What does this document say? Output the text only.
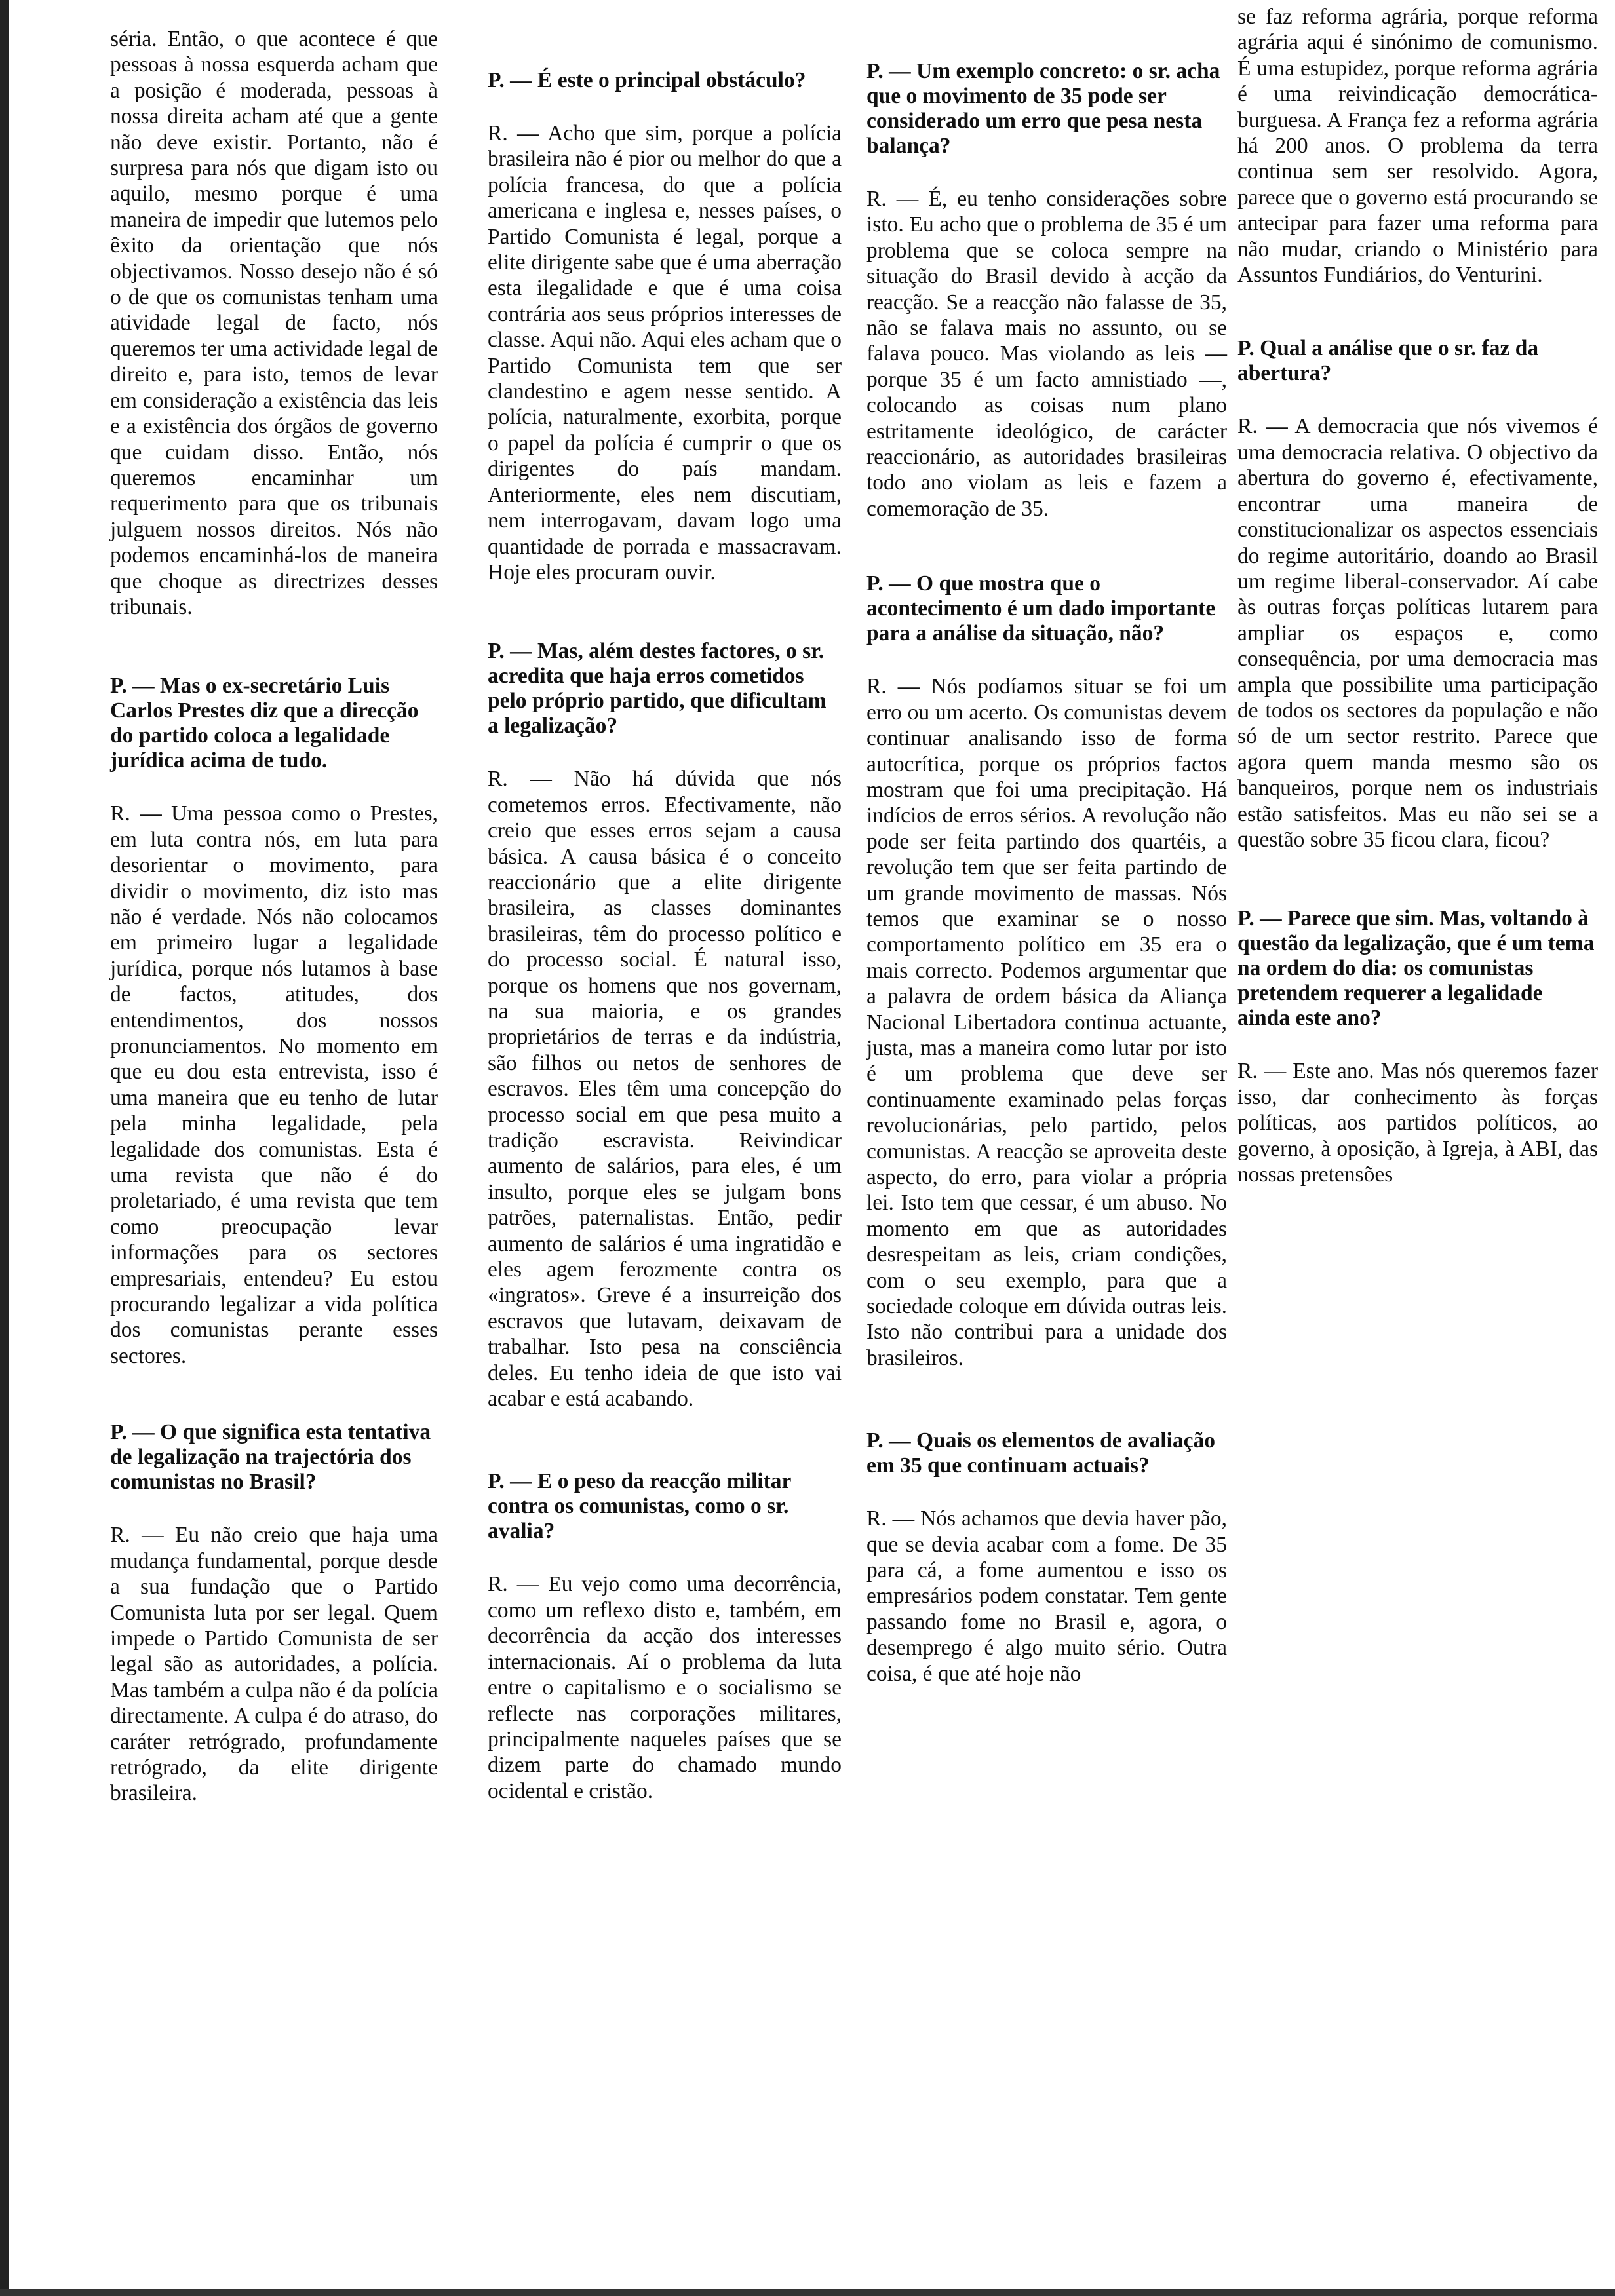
séria. Então, o que acontece é que pessoas à nossa esquerda acham que a posição é moderada, pessoas à nossa direita acham até que a gente não deve existir. Portanto, não é surpresa para nós que digam isto ou aquilo, mesmo porque é uma maneira de impedir que lutemos pelo êxito da orientação que nós objectivamos. Nosso desejo não é só o de que os comunistas tenham uma atividade legal de facto, nós queremos ter uma actividade legal de direito e, para isto, temos de levar em consideração a existência das leis e a existência dos órgãos de governo que cuidam disso. Então, nós queremos encaminhar um requerimento para que os tribunais julguem nossos direitos. Nós não podemos encaminhá-los de maneira que choque as directrizes desses tribunais.

P. — Mas o ex-secretário Luis Carlos Prestes diz que a direcção do partido coloca a legalidade jurídica acima de tudo.

R. — Uma pessoa como o Prestes, em luta contra nós, em luta para desorientar o movimento, para dividir o movimento, diz isto mas não é verdade. Nós não colocamos em primeiro lugar a legalidade jurídica, porque nós lutamos à base de factos, atitudes, dos entendimentos, dos nossos pronunciamentos. No momento em que eu dou esta entrevista, isso é uma maneira que eu tenho de lutar pela minha legalidade, pela legalidade dos comunistas. Esta é uma revista que não é do proletariado, é uma revista que tem como preocupação levar informações para os sectores empresariais, entendeu? Eu estou procurando legalizar a vida política dos comunistas perante esses sectores.

P. — O que significa esta tentativa de legalização na trajectória dos comunistas no Brasil?

R. — Eu não creio que haja uma mudança fundamental, porque desde a sua fundação que o Partido Comunista luta por ser legal. Quem impede o Partido Comunista de ser legal são as autoridades, a polícia. Mas também a culpa não é da polícia directamente. A culpa é do atraso, do caráter retrógrado, profundamente retrógrado, da elite dirigente brasileira.

P. — É este o principal obstáculo?

R. — Acho que sim, porque a polícia brasileira não é pior ou melhor do que a polícia francesa, do que a polícia americana e inglesa e, nesses países, o Partido Comunista é legal, porque a elite dirigente sabe que é uma aberração esta ilegalidade e que é uma coisa contrária aos seus próprios interesses de classe. Aqui não. Aqui eles acham que o Partido Comunista tem que ser clandestino e agem nesse sentido. A polícia, naturalmente, exorbita, porque o papel da polícia é cumprir o que os dirigentes do país mandam. Anteriormente, eles nem discutiam, nem interrogavam, davam logo uma quantidade de porrada e massacravam. Hoje eles procuram ouvir.

P. — Mas, além destes factores, o sr. acredita que haja erros cometidos pelo próprio partido, que dificultam a legalização?

R. — Não há dúvida que nós cometemos erros. Efectivamente, não creio que esses erros sejam a causa básica. A causa básica é o conceito reaccionário que a elite dirigente brasileira, as classes dominantes brasileiras, têm do processo político e do processo social. É natural isso, porque os homens que nos governam, na sua maioria, e os grandes proprietários de terras e da indústria, são filhos ou netos de senhores de escravos. Eles têm uma concepção do processo social em que pesa muito a tradição escravista. Reivindicar aumento de salários, para eles, é um insulto, porque eles se julgam bons patrões, paternalistas. Então, pedir aumento de salários é uma ingratidão e eles agem ferozmente contra os «ingratos». Greve é a insurreição dos escravos que lutavam, deixavam de trabalhar. Isto pesa na consciência deles. Eu tenho ideia de que isto vai acabar e está acabando.

P. — E o peso da reacção militar contra os comunistas, como o sr. avalia?

R. — Eu vejo como uma decorrência, como um reflexo disto e, também, em decorrência da acção dos interesses internacionais. Aí o problema da luta entre o capitalismo e o socialismo se reflecte nas corporações militares, principalmente naqueles países que se dizem parte do chamado mundo ocidental e cristão.

P. — Um exemplo concreto: o sr. acha que o movimento de 35 pode ser considerado um erro que pesa nesta balança?

R. — É, eu tenho considerações sobre isto. Eu acho que o problema de 35 é um problema que se coloca sempre na situação do Brasil devido à acção da reacção. Se a reacção não falasse de 35, não se falava mais no assunto, ou se falava pouco. Mas violando as leis — porque 35 é um facto amnistiado —, colocando as coisas num plano estritamente ideológico, de carácter reaccionário, as autoridades brasileiras todo ano violam as leis e fazem a comemoração de 35.

P. — O que mostra que o acontecimento é um dado importante para a análise da situação, não?

R. — Nós podíamos situar se foi um erro ou um acerto. Os comunistas devem continuar analisando isso de forma autocrítica, porque os próprios factos mostram que foi uma precipitação. Há indícios de erros sérios. A revolução não pode ser feita partindo dos quartéis, a revolução tem que ser feita partindo de um grande movimento de massas. Nós temos que examinar se o nosso comportamento político em 35 era o mais correcto. Podemos argumentar que a palavra de ordem básica da Aliança Nacional Libertadora continua actuante, justa, mas a maneira como lutar por isto é um problema que deve ser continuamente examinado pelas forças revolucionárias, pelo partido, pelos comunistas. A reacção se aproveita deste aspecto, do erro, para violar a própria lei. Isto tem que cessar, é um abuso. No momento em que as autoridades desrespeitam as leis, criam condições, com o seu exemplo, para que a sociedade coloque em dúvida outras leis. Isto não contribui para a unidade dos brasileiros.

P. — Quais os elementos de avaliação em 35 que continuam actuais?

R. — Nós achamos que devia haver pão, que se devia acabar com a fome. De 35 para cá, a fome aumentou e isso os empresários podem constatar. Tem gente passando fome no Brasil e, agora, o desemprego é algo muito sério. Outra coisa, é que até hoje não

se faz reforma agrária, porque reforma agrária aqui é sinónimo de comunismo. É uma estupidez, porque reforma agrária é uma reivindicação democrática-burguesa. A França fez a reforma agrária há 200 anos. O problema da terra continua sem ser resolvido. Agora, parece que o governo está procurando se antecipar para fazer uma reforma para não mudar, criando o Ministério para Assuntos Fundiários, do Venturini.

P. Qual a análise que o sr. faz da abertura?

R. — A democracia que nós vivemos é uma democracia relativa. O objectivo da abertura do governo é, efectivamente, encontrar uma maneira de constitucionalizar os aspectos essenciais do regime autoritário, doando ao Brasil um regime liberal-conservador. Aí cabe às outras forças políticas lutarem para ampliar os espaços e, como consequência, por uma democracia mas ampla que possibilite uma participação de todos os sectores da população e não só de um sector restrito. Parece que agora quem manda mesmo são os banqueiros, porque nem os industriais estão satisfeitos. Mas eu não sei se a questão sobre 35 ficou clara, ficou?

P. — Parece que sim. Mas, voltando à questão da legalização, que é um tema na ordem do dia: os comunistas pretendem requerer a legalidade ainda este ano?

R. — Este ano. Mas nós queremos fazer isso, dar conhecimento às forças políticas, aos partidos políticos, ao governo, à oposição, à Igreja, à ABI, das nossas pretensões
